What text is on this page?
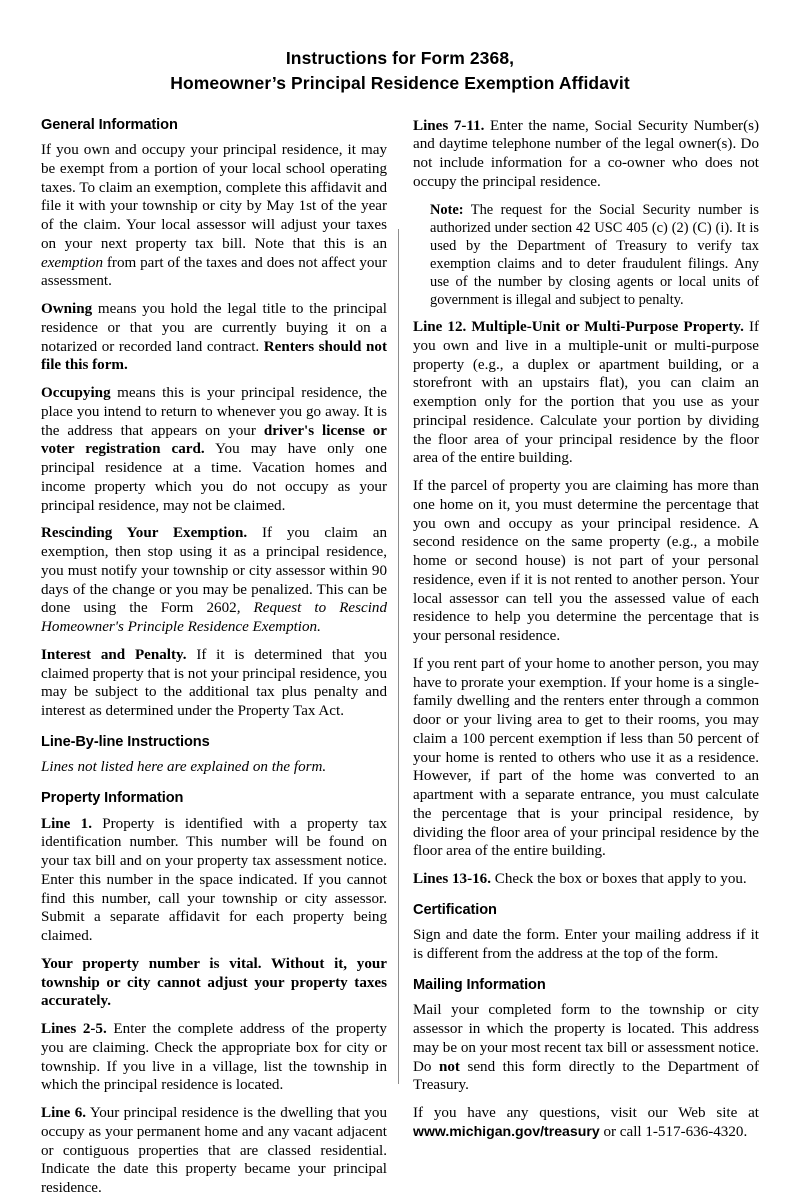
Instructions for Form 2368,
Homeowner’s Principal Residence Exemption Affidavit
General Information

If you own and occupy your principal residence, it may be exempt from a portion of your local school operating taxes. To claim an exemption, complete this affidavit and file it with your township or city by May 1st of the year of the claim. Your local assessor will adjust your taxes on your next property tax bill. Note that this is an exemption from part of the taxes and does not affect your assessment.

Owning means you hold the legal title to the principal residence or that you are currently buying it on a notarized or recorded land contract. Renters should not file this form.

Occupying means this is your principal residence, the place you intend to return to whenever you go away. It is the address that appears on your driver's license or voter registration card. You may have only one principal residence at a time. Vacation homes and income property which you do not occupy as your principal residence, may not be claimed.

Rescinding Your Exemption. If you claim an exemption, then stop using it as a principal residence, you must notify your township or city assessor within 90 days of the change or you may be penalized. This can be done using the Form 2602, Request to Rescind Homeowner's Principle Residence Exemption.

Interest and Penalty. If it is determined that you claimed property that is not your principal residence, you may be subject to the additional tax plus penalty and interest as determined under the Property Tax Act.

Line-By-line Instructions

Lines not listed here are explained on the form.

Property Information

Line 1. Property is identified with a property tax identification number. This number will be found on your tax bill and on your property tax assessment notice. Enter this number in the space indicated. If you cannot find this number, call your township or city assessor. Submit a separate affidavit for each property being claimed.

Your property number is vital. Without it, your township or city cannot adjust your property taxes accurately.

Lines 2-5. Enter the complete address of the property you are claiming. Check the appropriate box for city or township. If you live in a village, list the township in which the principal residence is located.

Line 6. Your principal residence is the dwelling that you occupy as your permanent home and any vacant adjacent or contiguous properties that are classed residential. Indicate the date this property became your principal residence.

Lines 7-11. Enter the name, Social Security Number(s) and daytime telephone number of the legal owner(s). Do not include information for a co-owner who does not occupy the principal residence.

Note: The request for the Social Security number is authorized under section 42 USC 405 (c) (2) (C) (i). It is used by the Department of Treasury to verify tax exemption claims and to deter fraudulent filings. Any use of the number by closing agents or local units of government is illegal and subject to penalty.

Line 12. Multiple-Unit or Multi-Purpose Property. If you own and live in a multiple-unit or multi-purpose property (e.g., a duplex or apartment building, or a storefront with an upstairs flat), you can claim an exemption only for the portion that you use as your principal residence. Calculate your portion by dividing the floor area of your principal residence by the floor area of the entire building.

If the parcel of property you are claiming has more than one home on it, you must determine the percentage that you own and occupy as your principal residence. A second residence on the same property (e.g., a mobile home or second house) is not part of your personal residence, even if it is not rented to another person. Your local assessor can tell you the assessed value of each residence to help you determine the percentage that is your personal residence.

If you rent part of your home to another person, you may have to prorate your exemption. If your home is a single-family dwelling and the renters enter through a common door or your living area to get to their rooms, you may claim a 100 percent exemption if less than 50 percent of your home is rented to others who use it as a residence. However, if part of the home was converted to an apartment with a separate entrance, you must calculate the percentage that is your principal residence, by dividing the floor area of your principal residence by the floor area of the entire building.

Lines 13-16. Check the box or boxes that apply to you.

Certification

Sign and date the form. Enter your mailing address if it is different from the address at the top of the form.

Mailing Information

Mail your completed form to the township or city assessor in which the property is located. This address may be on your most recent tax bill or assessment notice. Do not send this form directly to the Department of Treasury.

If you have any questions, visit our Web site at www.michigan.gov/treasury or call 1-517-636-4320.
